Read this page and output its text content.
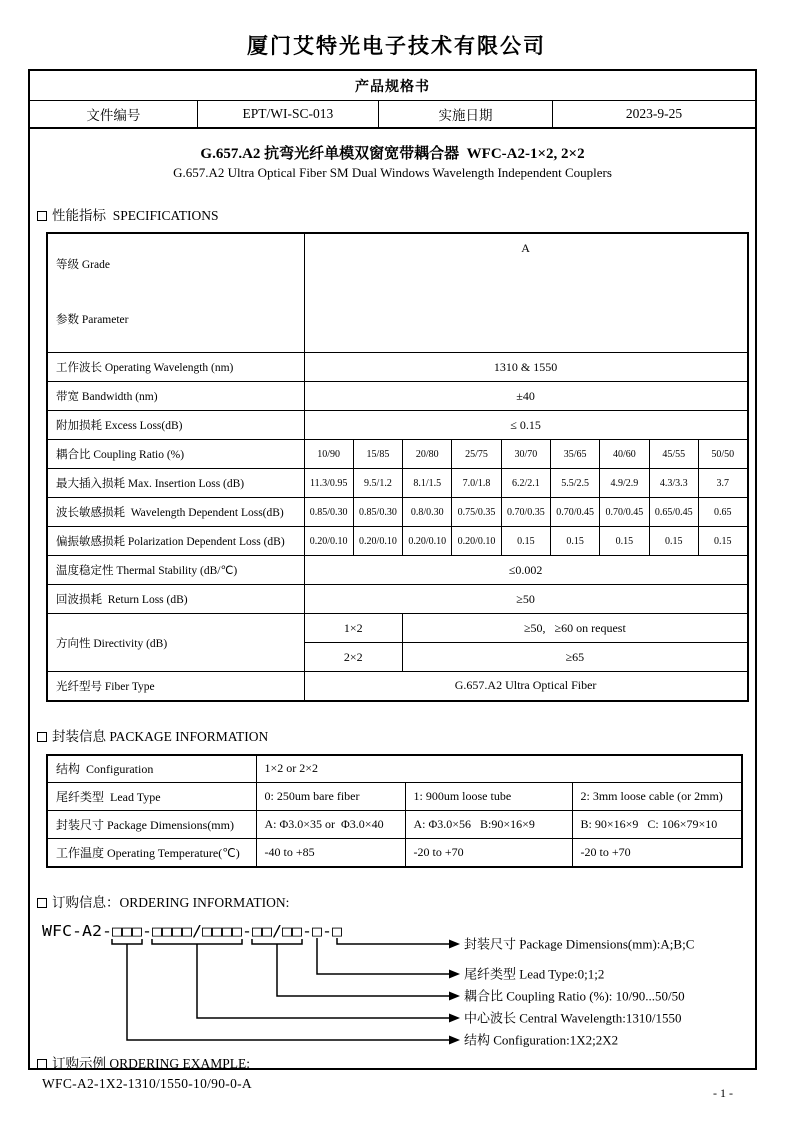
厦门艾特光电子技术有限公司
产品规格书
文件编号	EPT/WI-SC-013	实施日期	2023-9-25
G.657.A2 抗弯光纤单模双窗宽带耦合器  WFC-A2-1×2, 2×2
G.657.A2 Ultra Optical Fiber SM Dual Windows Wavelength Independent Couplers
性能指标  SPECIFICATIONS

等级 Grade

参数 Parameter	A								
工作波长 Operating Wavelength (nm)	1310 & 1550								
带宽 Bandwidth (nm)	±40								
附加损耗 Excess Loss(dB)	≤ 0.15								
耦合比 Coupling Ratio (%)	10/90	15/85	20/80	25/75	30/70	35/65	40/60	45/55	50/50
最大插入损耗 Max. Insertion Loss (dB)	11.3/0.95	9.5/1.2	8.1/1.5	7.0/1.8	6.2/2.1	5.5/2.5	4.9/2.9	4.3/3.3	3.7
波长敏感损耗  Wavelength Dependent Loss(dB)	0.85/0.30	0.85/0.30	0.8/0.30	0.75/0.35	0.70/0.35	0.70/0.45	0.70/0.45	0.65/0.45	0.65
偏振敏感损耗 Polarization Dependent Loss (dB)	0.20/0.10	0.20/0.10	0.20/0.10	0.20/0.10	0.15	0.15	0.15	0.15	0.15
温度稳定性 Thermal Stability (dB/℃)	≤0.002								
回波损耗  Return Loss (dB)	≥50								
方向性 Directivity (dB)	1×2		≥50,   ≥60 on request						
	2×2		≥65						
光纤型号 Fiber Type	G.657.A2 Ultra Optical Fiber								
封装信息 PACKAGE INFORMATION
结构  Configuration	1×2 or 2×2		
尾纤类型  Lead Type	0: 250um bare fiber	1: 900um loose tube	2: 3mm loose cable (or 2mm)
封装尺寸 Package Dimensions(mm)	A: Φ3.0×35 or  Φ3.0×40	A: Φ3.0×56   B:90×16×9	B: 90×16×9   C: 106×79×10
工作温度 Operating Temperature(℃)	-40 to +85	-20 to +70	-20 to +70
订购信息：ORDERING INFORMATION:
WFC-A2-□□□-□□□□/□□□□-□□/□□-□-□
封装尺寸 Package Dimensions(mm):A;B;C
尾纤类型 Lead Type:0;1;2
耦合比 Coupling Ratio (%): 10/90...50/50
中心波长 Central Wavelength:1310/1550
结构 Configuration:1X2;2X2
订购示例 ORDERING EXAMPLE:
WFC-A2-1X2-1310/1550-10/90-0-A
- 1 -
